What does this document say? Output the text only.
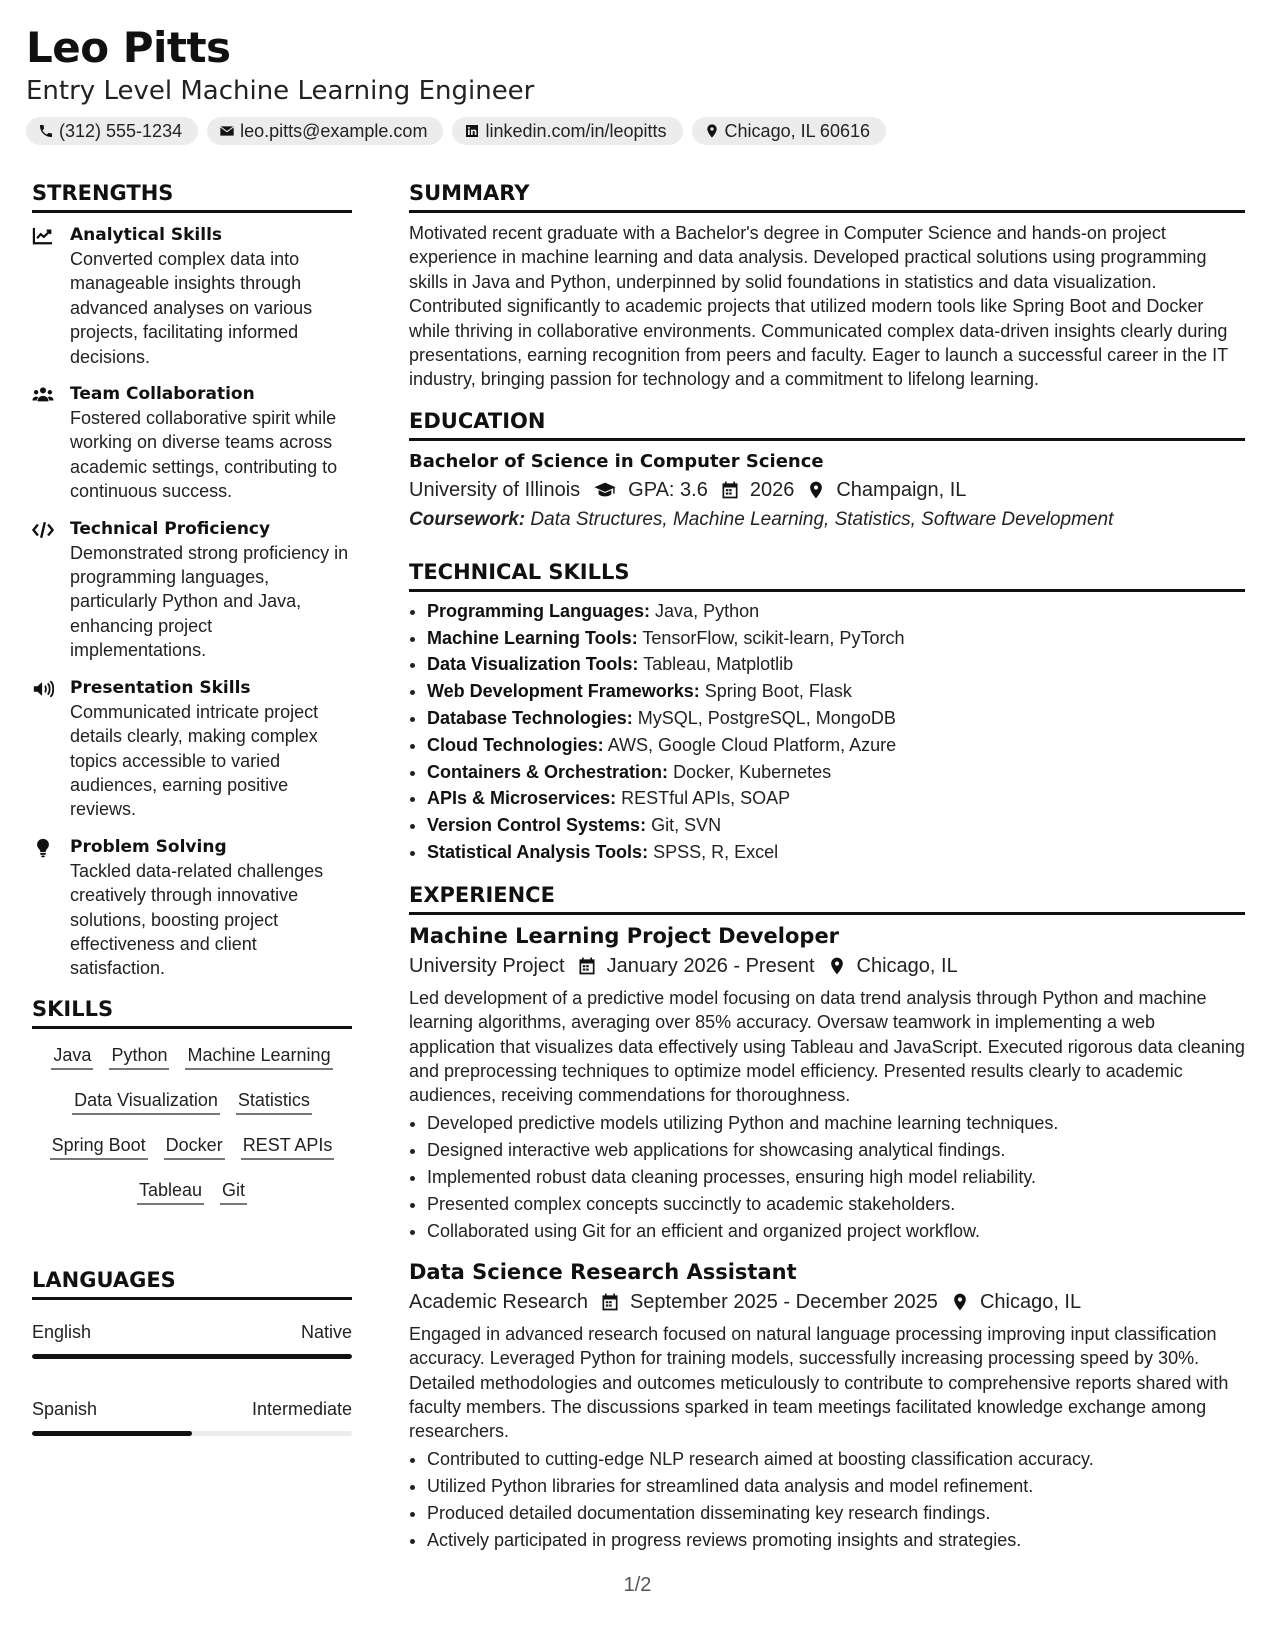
Leo Pitts
Entry Level Machine Learning Engineer
(312) 555-1234	leo.pitts@example.com	linkedin.com/in/leopitts	Chicago, IL 60616
STRENGTHS
Analytical Skills
Converted complex data into manageable insights through advanced analyses on various projects, facilitating informed decisions.
Team Collaboration
Fostered collaborative spirit while working on diverse teams across academic settings, contributing to continuous success.
Technical Proficiency
Demonstrated strong proficiency in programming languages, particularly Python and Java, enhancing project implementations.
Presentation Skills
Communicated intricate project details clearly, making complex topics accessible to varied audiences, earning positive reviews.
Problem Solving
Tackled data-related challenges creatively through innovative solutions, boosting project effectiveness and client satisfaction.
SKILLS
Java Python Machine Learning
Data Visualization Statistics
Spring Boot Docker REST APIs
Tableau Git
LANGUAGES
English	Native
Spanish	Intermediate
SUMMARY
Motivated recent graduate with a Bachelor's degree in Computer Science and hands-on project experience in machine learning and data analysis. Developed practical solutions using programming skills in Java and Python, underpinned by solid foundations in statistics and data visualization. Contributed significantly to academic projects that utilized modern tools like Spring Boot and Docker while thriving in collaborative environments. Communicated complex data-driven insights clearly during presentations, earning recognition from peers and faculty. Eager to launch a successful career in the IT industry, bringing passion for technology and a commitment to lifelong learning.
EDUCATION
Bachelor of Science in Computer Science
University of Illinois GPA: 3.6 2026 Champaign, IL
Coursework: Data Structures, Machine Learning, Statistics, Software Development
TECHNICAL SKILLS
• Programming Languages: Java, Python
• Machine Learning Tools: TensorFlow, scikit-learn, PyTorch
• Data Visualization Tools: Tableau, Matplotlib
• Web Development Frameworks: Spring Boot, Flask
• Database Technologies: MySQL, PostgreSQL, MongoDB
• Cloud Technologies: AWS, Google Cloud Platform, Azure
• Containers & Orchestration: Docker, Kubernetes
• APIs & Microservices: RESTful APIs, SOAP
• Version Control Systems: Git, SVN
• Statistical Analysis Tools: SPSS, R, Excel
EXPERIENCE
Machine Learning Project Developer
University Project January 2026 - Present Chicago, IL
Led development of a predictive model focusing on data trend analysis through Python and machine learning algorithms, averaging over 85% accuracy. Oversaw teamwork in implementing a web application that visualizes data effectively using Tableau and JavaScript. Executed rigorous data cleaning and preprocessing techniques to optimize model efficiency. Presented results clearly to academic audiences, receiving commendations for thoroughness.
• Developed predictive models utilizing Python and machine learning techniques.
• Designed interactive web applications for showcasing analytical findings.
• Implemented robust data cleaning processes, ensuring high model reliability.
• Presented complex concepts succinctly to academic stakeholders.
• Collaborated using Git for an efficient and organized project workflow.
Data Science Research Assistant
Academic Research September 2025 - December 2025 Chicago, IL
Engaged in advanced research focused on natural language processing improving input classification accuracy. Leveraged Python for training models, successfully increasing processing speed by 30%. Detailed methodologies and outcomes meticulously to contribute to comprehensive reports shared with faculty members. The discussions sparked in team meetings facilitated knowledge exchange among researchers.
• Contributed to cutting-edge NLP research aimed at boosting classification accuracy.
• Utilized Python libraries for streamlined data analysis and model refinement.
• Produced detailed documentation disseminating key research findings.
• Actively participated in progress reviews promoting insights and strategies.
1/2
